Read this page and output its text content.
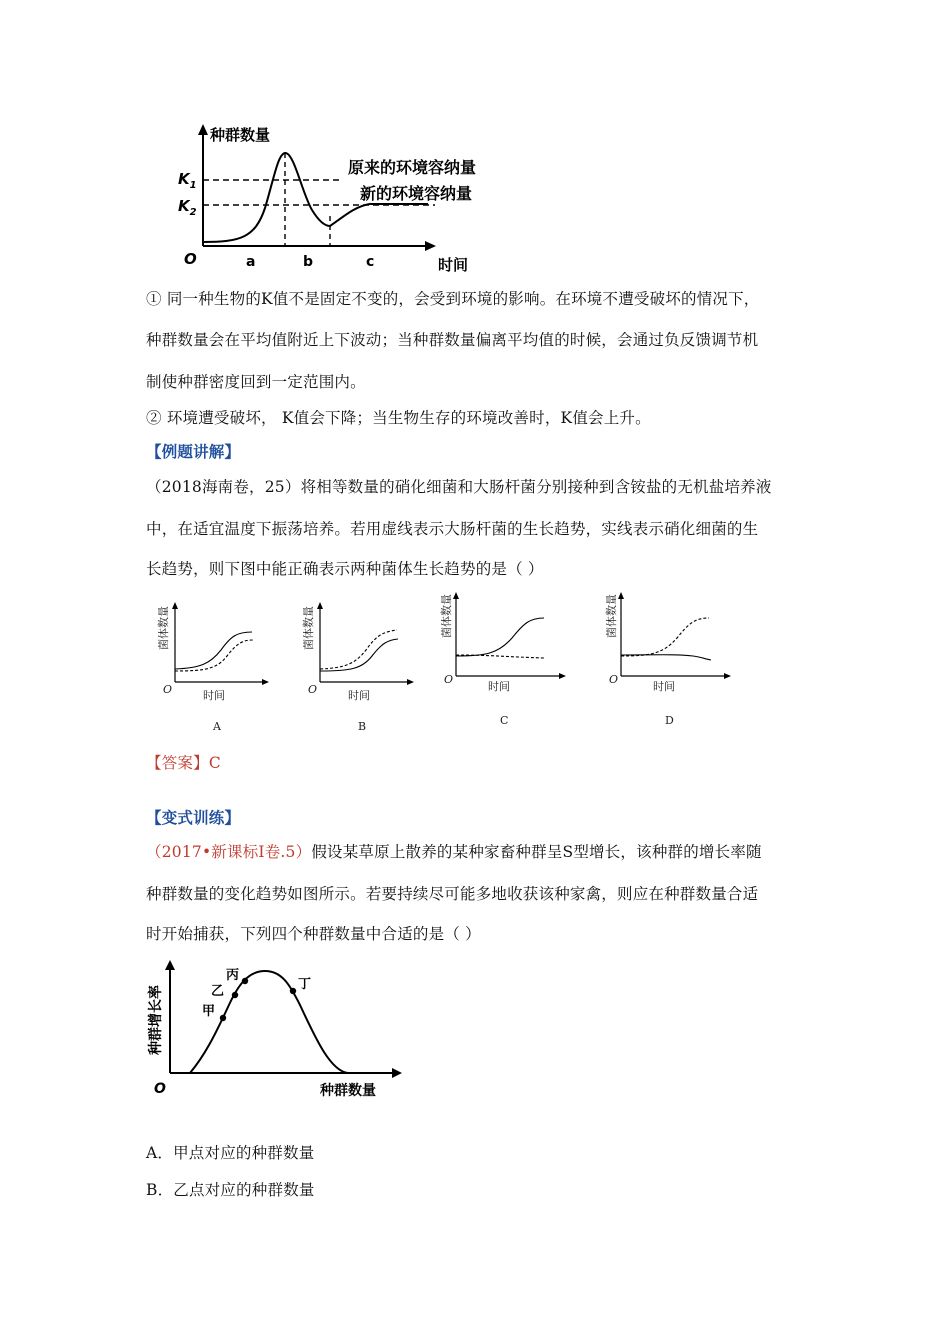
种群数量
时间
O
$K_1$
$K_2$
a	b	c
原来的环境容纳量
新的环境容纳量
① 同一种生物的K值不是固定不变的，会受到环境的影响。在环境不遭受破坏的情况下，
种群数量会在平均值附近上下波动；当种群数量偏离平均值的时候，会通过负反馈调节机
制使种群密度回到一定范围内。
② 环境遭受破坏， K值会下降；当生物生存的环境改善时，K值会上升。
【例题讲解】
（2018海南卷，25）将相等数量的硝化细菌和大肠杆菌分别接种到含铵盐的无机盐培养液
中，在适宜温度下振荡培养。若用虚线表示大肠杆菌的生长趋势，实线表示硝化细菌的生
长趋势，则下图中能正确表示两种菌体生长趋势的是（ ）
菌体数量
时间
O
A
菌体数量
时间
O
B
菌体数量
时间
O
C
菌体数量
时间
O
D
【答案】C
【变式训练】
（2017•新课标Ⅰ卷.5）假设某草原上散养的某种家畜种群呈S型增长，该种群的增长率随
种群数量的变化趋势如图所示。若要持续尽可能多地收获该种家禽，则应在种群数量合适
时开始捕获，下列四个种群数量中合适的是（ ）
甲
乙
丙
丁
种群增长率
种群数量
O
A．甲点对应的种群数量
B．乙点对应的种群数量
